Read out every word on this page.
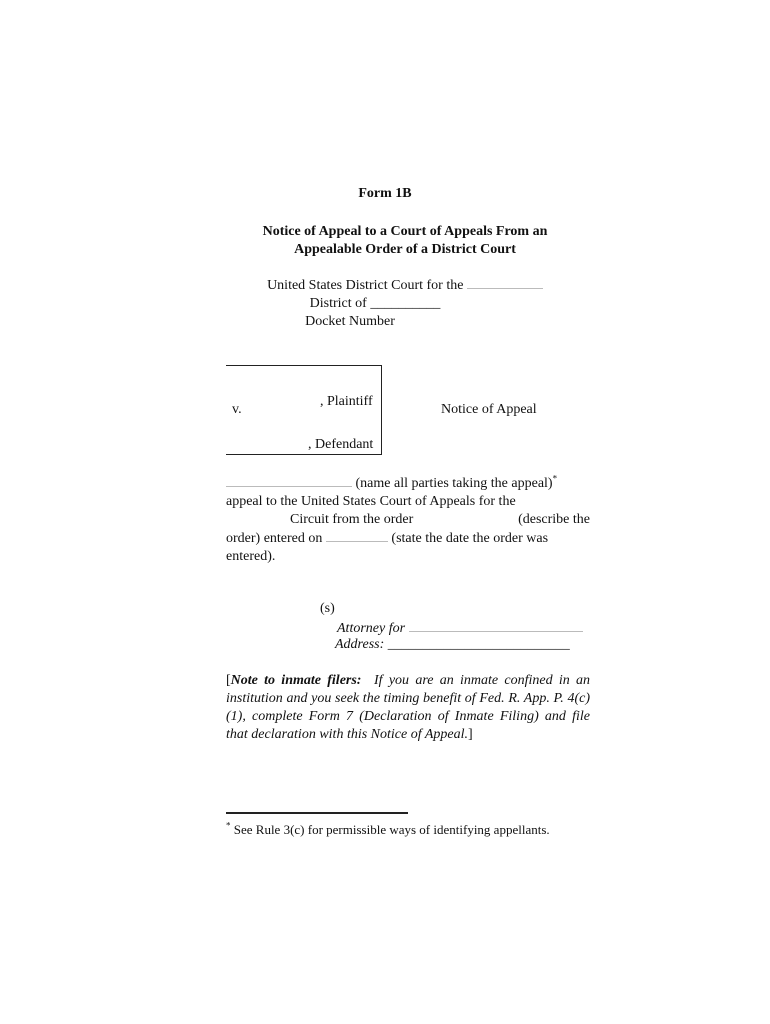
Form 1B
Notice of Appeal to a Court of Appeals From an
Appealable Order of a District Court
United States District Court for the
District of __________
Docket Number
, Plaintiff
v.
, Defendant
Notice of Appeal

(name all parties taking the appeal)*

appeal to the United States Court of Appeals for the

Circuit from the order	(describe the

order) entered on	(state the date the order was

entered).

(s)
Attorney for
Address: __________________________
[Note to inmate filers: If you are an inmate confined in an institution and you seek the timing benefit of Fed. R. App. P. 4(c)(1), complete Form 7 (Declaration of Inmate Filing) and file that declaration with this Notice of Appeal.]
* See Rule 3(c) for permissible ways of identifying appellants.
